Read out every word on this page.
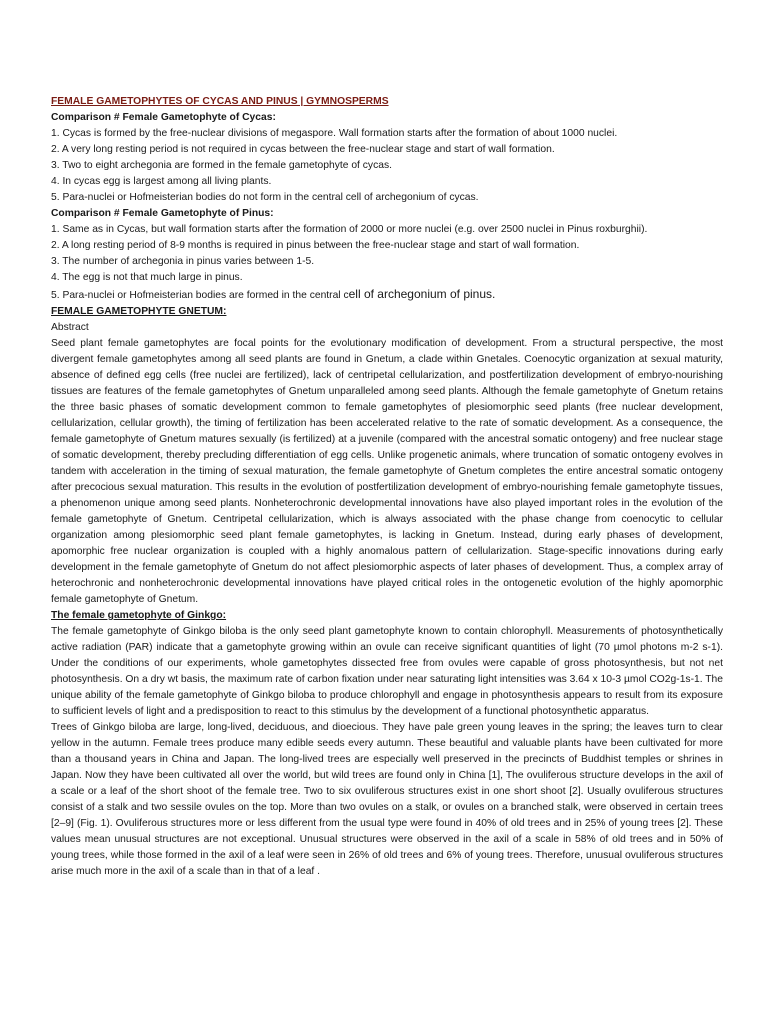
FEMALE GAMETOPHYTES OF CYCAS AND PINUS | GYMNOSPERMS
Comparison # Female Gametophyte of Cycas:
1. Cycas is formed by the free-nuclear divisions of megaspore. Wall formation starts after the formation of about 1000 nuclei.
2. A very long resting period is not required in cycas between the free-nuclear stage and start of wall formation.
3. Two to eight archegonia are formed in the female gametophyte of cycas.
4. In cycas egg is largest among all living plants.
5. Para-nuclei or Hofmeisterian bodies do not form in the central cell of archegonium of cycas.
Comparison # Female Gametophyte of Pinus:
1. Same as in Cycas, but wall formation starts after the formation of 2000 or more nuclei (e.g. over 2500 nuclei in Pinus roxburghii).
2. A long resting period of 8-9 months is required in pinus between the free-nuclear stage and start of wall formation.
3. The number of archegonia in pinus varies between 1-5.
4. The egg is not that much large in pinus.
5. Para-nuclei or Hofmeisterian bodies are formed in the central cell of archegonium of pinus.
FEMALE GAMETOPHYTE GNETUM:
Abstract
Seed plant female gametophytes are focal points for the evolutionary modification of development. From a structural perspective, the most divergent female gametophytes among all seed plants are found in Gnetum, a clade within Gnetales. Coenocytic organization at sexual maturity, absence of defined egg cells (free nuclei are fertilized), lack of centripetal cellularization, and postfertilization development of embryo-nourishing tissues are features of the female gametophytes of Gnetum unparalleled among seed plants. Although the female gametophyte of Gnetum retains the three basic phases of somatic development common to female gametophytes of plesiomorphic seed plants (free nuclear development, cellularization, cellular growth), the timing of fertilization has been accelerated relative to the rate of somatic development. As a consequence, the female gametophyte of Gnetum matures sexually (is fertilized) at a juvenile (compared with the ancestral somatic ontogeny) and free nuclear stage of somatic development, thereby precluding differentiation of egg cells. Unlike progenetic animals, where truncation of somatic ontogeny evolves in tandem with acceleration in the timing of sexual maturation, the female gametophyte of Gnetum completes the entire ancestral somatic ontogeny after precocious sexual maturation. This results in the evolution of postfertilization development of embryo-nourishing female gametophyte tissues, a phenomenon unique among seed plants. Nonheterochronic developmental innovations have also played important roles in the evolution of the female gametophyte of Gnetum. Centripetal cellularization, which is always associated with the phase change from coenocytic to cellular organization among plesiomorphic seed plant female gametophytes, is lacking in Gnetum. Instead, during early phases of development, apomorphic free nuclear organization is coupled with a highly anomalous pattern of cellularization. Stage-specific innovations during early development in the female gametophyte of Gnetum do not affect plesiomorphic aspects of later phases of development. Thus, a complex array of heterochronic and nonheterochronic developmental innovations have played critical roles in the ontogenetic evolution of the highly apomorphic female gametophyte of Gnetum.
The female gametophyte of Ginkgo:
The female gametophyte of Ginkgo biloba is the only seed plant gametophyte known to contain chlorophyll. Measurements of photosynthetically active radiation (PAR) indicate that a gametophyte growing within an ovule can receive significant quantities of light (70 µmol photons m-2 s-1). Under the conditions of our experiments, whole gametophytes dissected free from ovules were capable of gross photosynthesis, but not net photosynthesis. On a dry wt basis, the maximum rate of carbon fixation under near saturating light intensities was 3.64 x 10-3 µmol CO2g-1s-1. The unique ability of the female gametophyte of Ginkgo biloba to produce chlorophyll and engage in photosynthesis appears to result from its exposure to sufficient levels of light and a predisposition to react to this stimulus by the development of a functional photosynthetic apparatus.
Trees of Ginkgo biloba are large, long-lived, deciduous, and dioecious. They have pale green young leaves in the spring; the leaves turn to clear yellow in the autumn. Female trees produce many edible seeds every autumn. These beautiful and valuable plants have been cultivated for more than a thousand years in China and Japan. The long-lived trees are especially well preserved in the precincts of Buddhist temples or shrines in Japan. Now they have been cultivated all over the world, but wild trees are found only in China [1], The ovuliferous structure develops in the axil of a scale or a leaf of the short shoot of the female tree. Two to six ovuliferous structures exist in one short shoot [2]. Usually ovuliferous structures consist of a stalk and two sessile ovules on the top. More than two ovules on a stalk, or ovules on a branched stalk, were observed in certain trees [2–9] (Fig. 1). Ovuliferous structures more or less different from the usual type were found in 40% of old trees and in 25% of young trees [2]. These values mean unusual structures are not exceptional. Unusual structures were observed in the axil of a scale in 58% of old trees and in 50% of young trees, while those formed in the axil of a leaf were seen in 26% of old trees and 6% of young trees. Therefore, unusual ovuliferous structures arise much more in the axil of a scale than in that of a leaf .
